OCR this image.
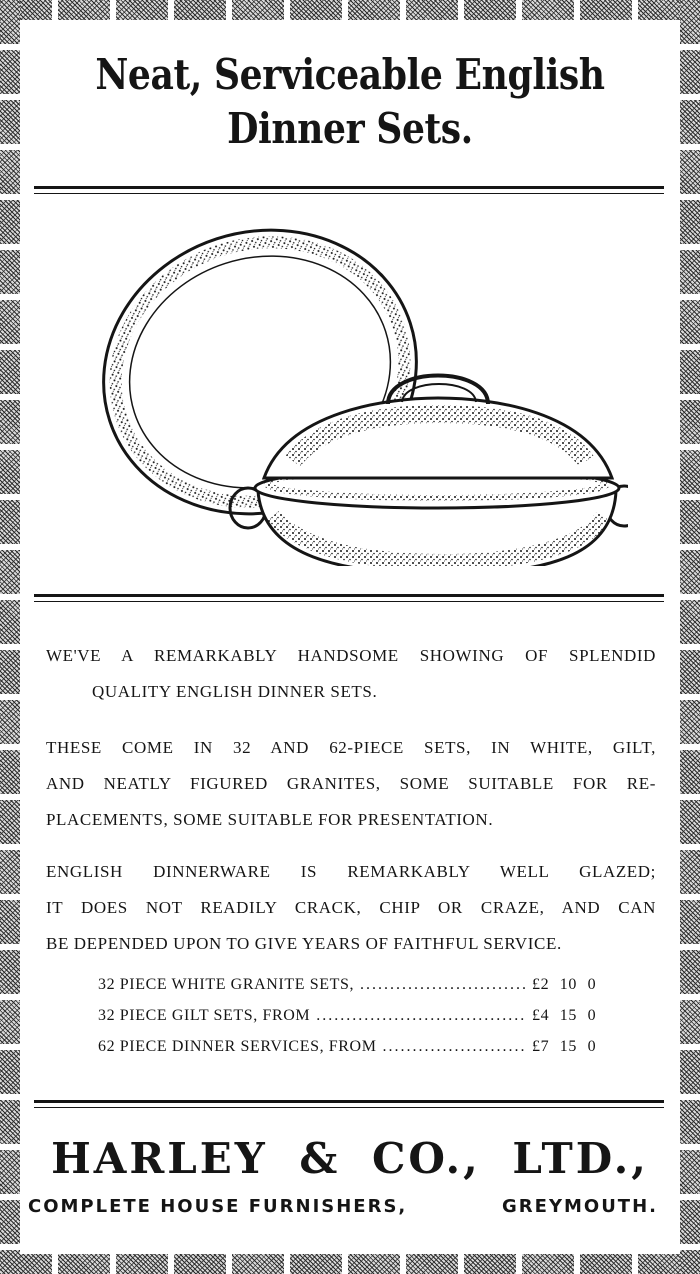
Neat, Serviceable English
Dinner Sets.

WE'VE A REMARKABLY HANDSOME SHOWING OF SPLENDID

QUALITY ENGLISH DINNER SETS.

THESE COME IN 32 AND 62-PIECE SETS, IN WHITE, GILT,

AND NEATLY FIGURED GRANITES, SOME SUITABLE FOR RE-

PLACEMENTS, SOME SUITABLE FOR PRESENTATION.

ENGLISH DINNERWARE IS REMARKABLY WELL GLAZED;

IT DOES NOT READILY CRACK, CHIP OR CRAZE, AND CAN

BE DEPENDED UPON TO GIVE YEARS OF FAITHFUL SERVICE.

32 PIECE WHITE GRANITE SETS, . . .	£2 10 0
32 PIECE GILT SETS, FROM . . .	£4 15 0
62 PIECE DINNER SERVICES, FROM . . .	£7 15 0
HARLEY & CO., LTD.,
COMPLETE HOUSE FURNISHERS,	GREYMOUTH.
